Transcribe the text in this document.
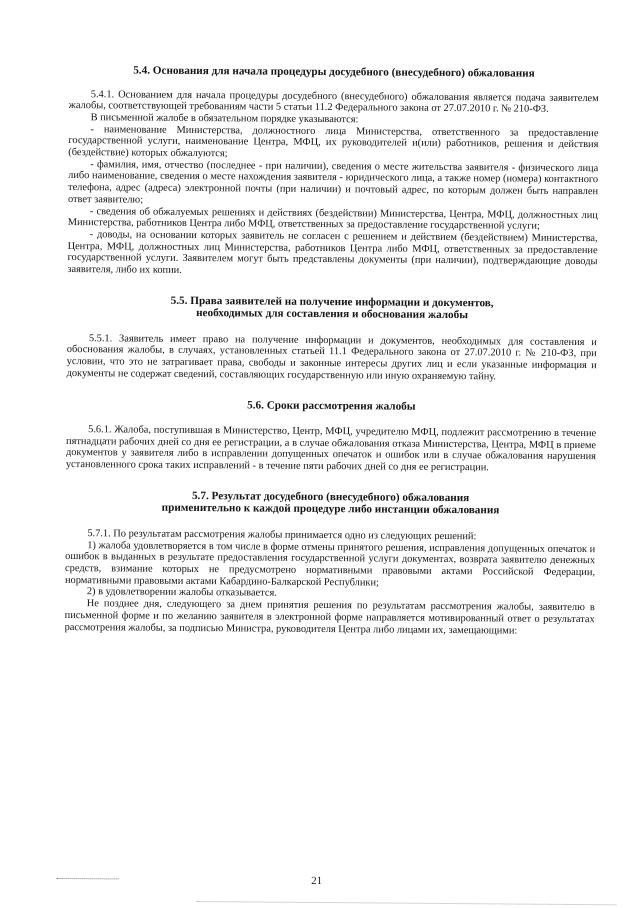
5.4. Основания для начала процедуры досудебного (внесудебного) обжалования

5.4.1. Основанием для начала процедуры досудебного (внесудебного) обжалования является подача заявителем жалобы, соответствующей требованиям части 5 статьи 11.2 Федерального закона от 27.07.2010 г. № 210-ФЗ.

В письменной жалобе в обязательном порядке указываются:

- наименование Министерства, должностного лица Министерства, ответственного за предоставление государственной услуги, наименование Центра, МФЦ, их руководителей и(или) работников, решения и действия (бездействие) которых обжалуются;

- фамилия, имя, отчество (последнее - при наличии), сведения о месте жительства заявителя - физического лица либо наименование, сведения о месте нахождения заявителя - юридического лица, а также номер (номера) контактного телефона, адрес (адреса) электронной почты (при наличии) и почтовый адрес, по которым должен быть направлен ответ заявителю;

- сведения об обжалуемых решениях и действиях (бездействии) Министерства, Центра, МФЦ, должностных лиц Министерства, работников Центра либо МФЦ, ответственных за предоставление государственной услуги;

- доводы, на основании которых заявитель не согласен с решением и действием (бездействием) Министерства, Центра, МФЦ, должностных лиц Министерства, работников Центра либо МФЦ, ответственных за предоставление государственной услуги. Заявителем могут быть представлены документы (при наличии), подтверждающие доводы заявителя, либо их копии.

5.5. Права заявителей на получение информации и документов,
необходимых для составления и обоснования жалобы

5.5.1. Заявитель имеет право на получение информации и документов, необходимых для составления и обоснования жалобы, в случаях, установленных статьей 11.1 Федерального закона от 27.07.2010 г. № 210-ФЗ, при условии, что это не затрагивает права, свободы и законные интересы других лиц и если указанные информация и документы не содержат сведений, составляющих государственную или иную охраняемую тайну.

5.6. Сроки рассмотрения жалобы

5.6.1. Жалоба, поступившая в Министерство, Центр, МФЦ, учредителю МФЦ, подлежит рассмотрению в течение пятнадцати рабочих дней со дня ее регистрации, а в случае обжалования отказа Министерства, Центра, МФЦ в приеме документов у заявителя либо в исправлении допущенных опечаток и ошибок или в случае обжалования нарушения установленного срока таких исправлений - в течение пяти рабочих дней со дня ее регистрации.

5.7. Результат досудебного (внесудебного) обжалования
применительно к каждой процедуре либо инстанции обжалования

5.7.1. По результатам рассмотрения жалобы принимается одно из следующих решений:

1) жалоба удовлетворяется в том числе в форме отмены принятого решения, исправления допущенных опечаток и ошибок в выданных в результате предоставления государственной услуги документах, возврата заявителю денежных средств, взимание которых не предусмотрено нормативными правовыми актами Российской Федерации, нормативными правовыми актами Кабардино-Балкарской Республики;

2) в удовлетворении жалобы отказывается.

Не позднее дня, следующего за днем принятия решения по результатам рассмотрения жалобы, заявителю в письменной форме и по желанию заявителя в электронной форме направляется мотивированный ответ о результатах рассмотрения жалобы, за подписью Министра, руководителя Центра либо лицами их, замещающими:

21
